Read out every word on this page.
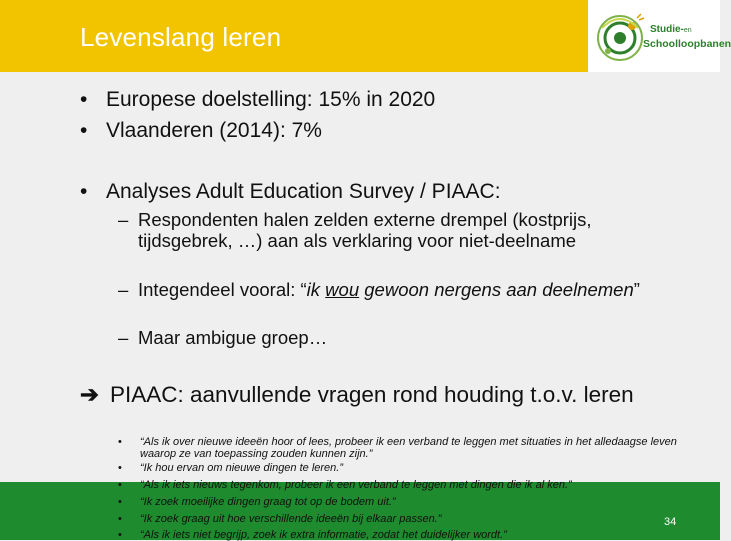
Levenslang leren	Studie-en
Schoolloopbanen
• Europese doelstelling: 15% in 2020
• Vlaanderen (2014): 7%
• Analyses Adult Education Survey / PIAAC:
– Respondenten halen zelden externe drempel (kostprijs, tijdsgebrek, …) aan als verklaring voor niet-deelname
– Integendeel vooral: “ik wou gewoon nergens aan deelnemen”
– Maar ambigue groep…
➔ PIAAC: aanvullende vragen rond houding t.o.v. leren
• “Als ik over nieuwe ideeën hoor of lees, probeer ik een verband te leggen met situaties in het alledaagse leven waarop ze van toepassing zouden kunnen zijn.”
• “Ik hou ervan om nieuwe dingen te leren.”
• “Als ik iets nieuws tegenkom, probeer ik een verband te leggen met dingen die ik al ken.”
• “Ik zoek moeilijke dingen graag tot op de bodem uit.”
• “Ik zoek graag uit hoe verschillende ideeën bij elkaar passen.”
• “Als ik iets niet begrijp, zoek ik extra informatie, zodat het duidelijker wordt.”
34
